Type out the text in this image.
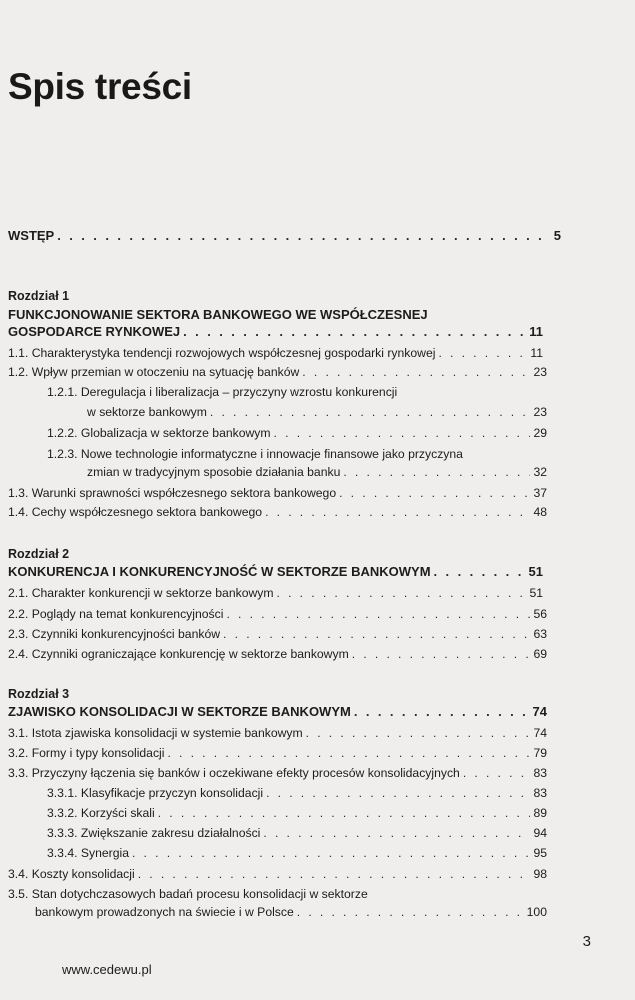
Spis treści
WSTĘP . . .	5
Rozdział 1
FUNKCJONOWANIE SEKTORA BANKOWEGO WE WSPÓŁCZESNEJ
GOSPODARCE RYNKOWEJ . . .	11
1.1. Charakterystyka tendencji rozwojowych współczesnej gospodarki rynkowej . . .	11
1.2. Wpływ przemian w otoczeniu na sytuację banków . . .	23
1.2.1. Deregulacja i liberalizacja – przyczyny wzrostu konkurencji
w sektorze bankowym . . .	23
1.2.2. Globalizacja w sektorze bankowym . . .	29
1.2.3. Nowe technologie informatyczne i innowacje finansowe jako przyczyna
zmian w tradycyjnym sposobie działania banku . . .	32
1.3. Warunki sprawności współczesnego sektora bankowego . . .	37
1.4. Cechy współczesnego sektora bankowego . . .	48
Rozdział 2
KONKURENCJA I KONKURENCYJNOŚĆ W SEKTORZE BANKOWYM . . .	51
2.1. Charakter konkurencji w sektorze bankowym . . .	51
2.2. Poglądy na temat konkurencyjności . . .	56
2.3. Czynniki konkurencyjności banków . . .	63
2.4. Czynniki ograniczające konkurencję w sektorze bankowym . . .	69
Rozdział 3
ZJAWISKO KONSOLIDACJI W SEKTORZE BANKOWYM . . .	74
3.1. Istota zjawiska konsolidacji w systemie bankowym . . .	74
3.2. Formy i typy konsolidacji . . .	79
3.3. Przyczyny łączenia się banków i oczekiwane efekty procesów konsolidacyjnych . . .	83
3.3.1. Klasyfikacje przyczyn konsolidacji . . .	83
3.3.2. Korzyści skali . . .	89
3.3.3. Zwiększanie zakresu działalności . . .	94
3.3.4. Synergia . . .	95
3.4. Koszty konsolidacji . . .	98
3.5. Stan dotychczasowych badań procesu konsolidacji w sektorze
bankowym prowadzonych na świecie i w Polsce . . .	100
3
www.cedewu.pl
